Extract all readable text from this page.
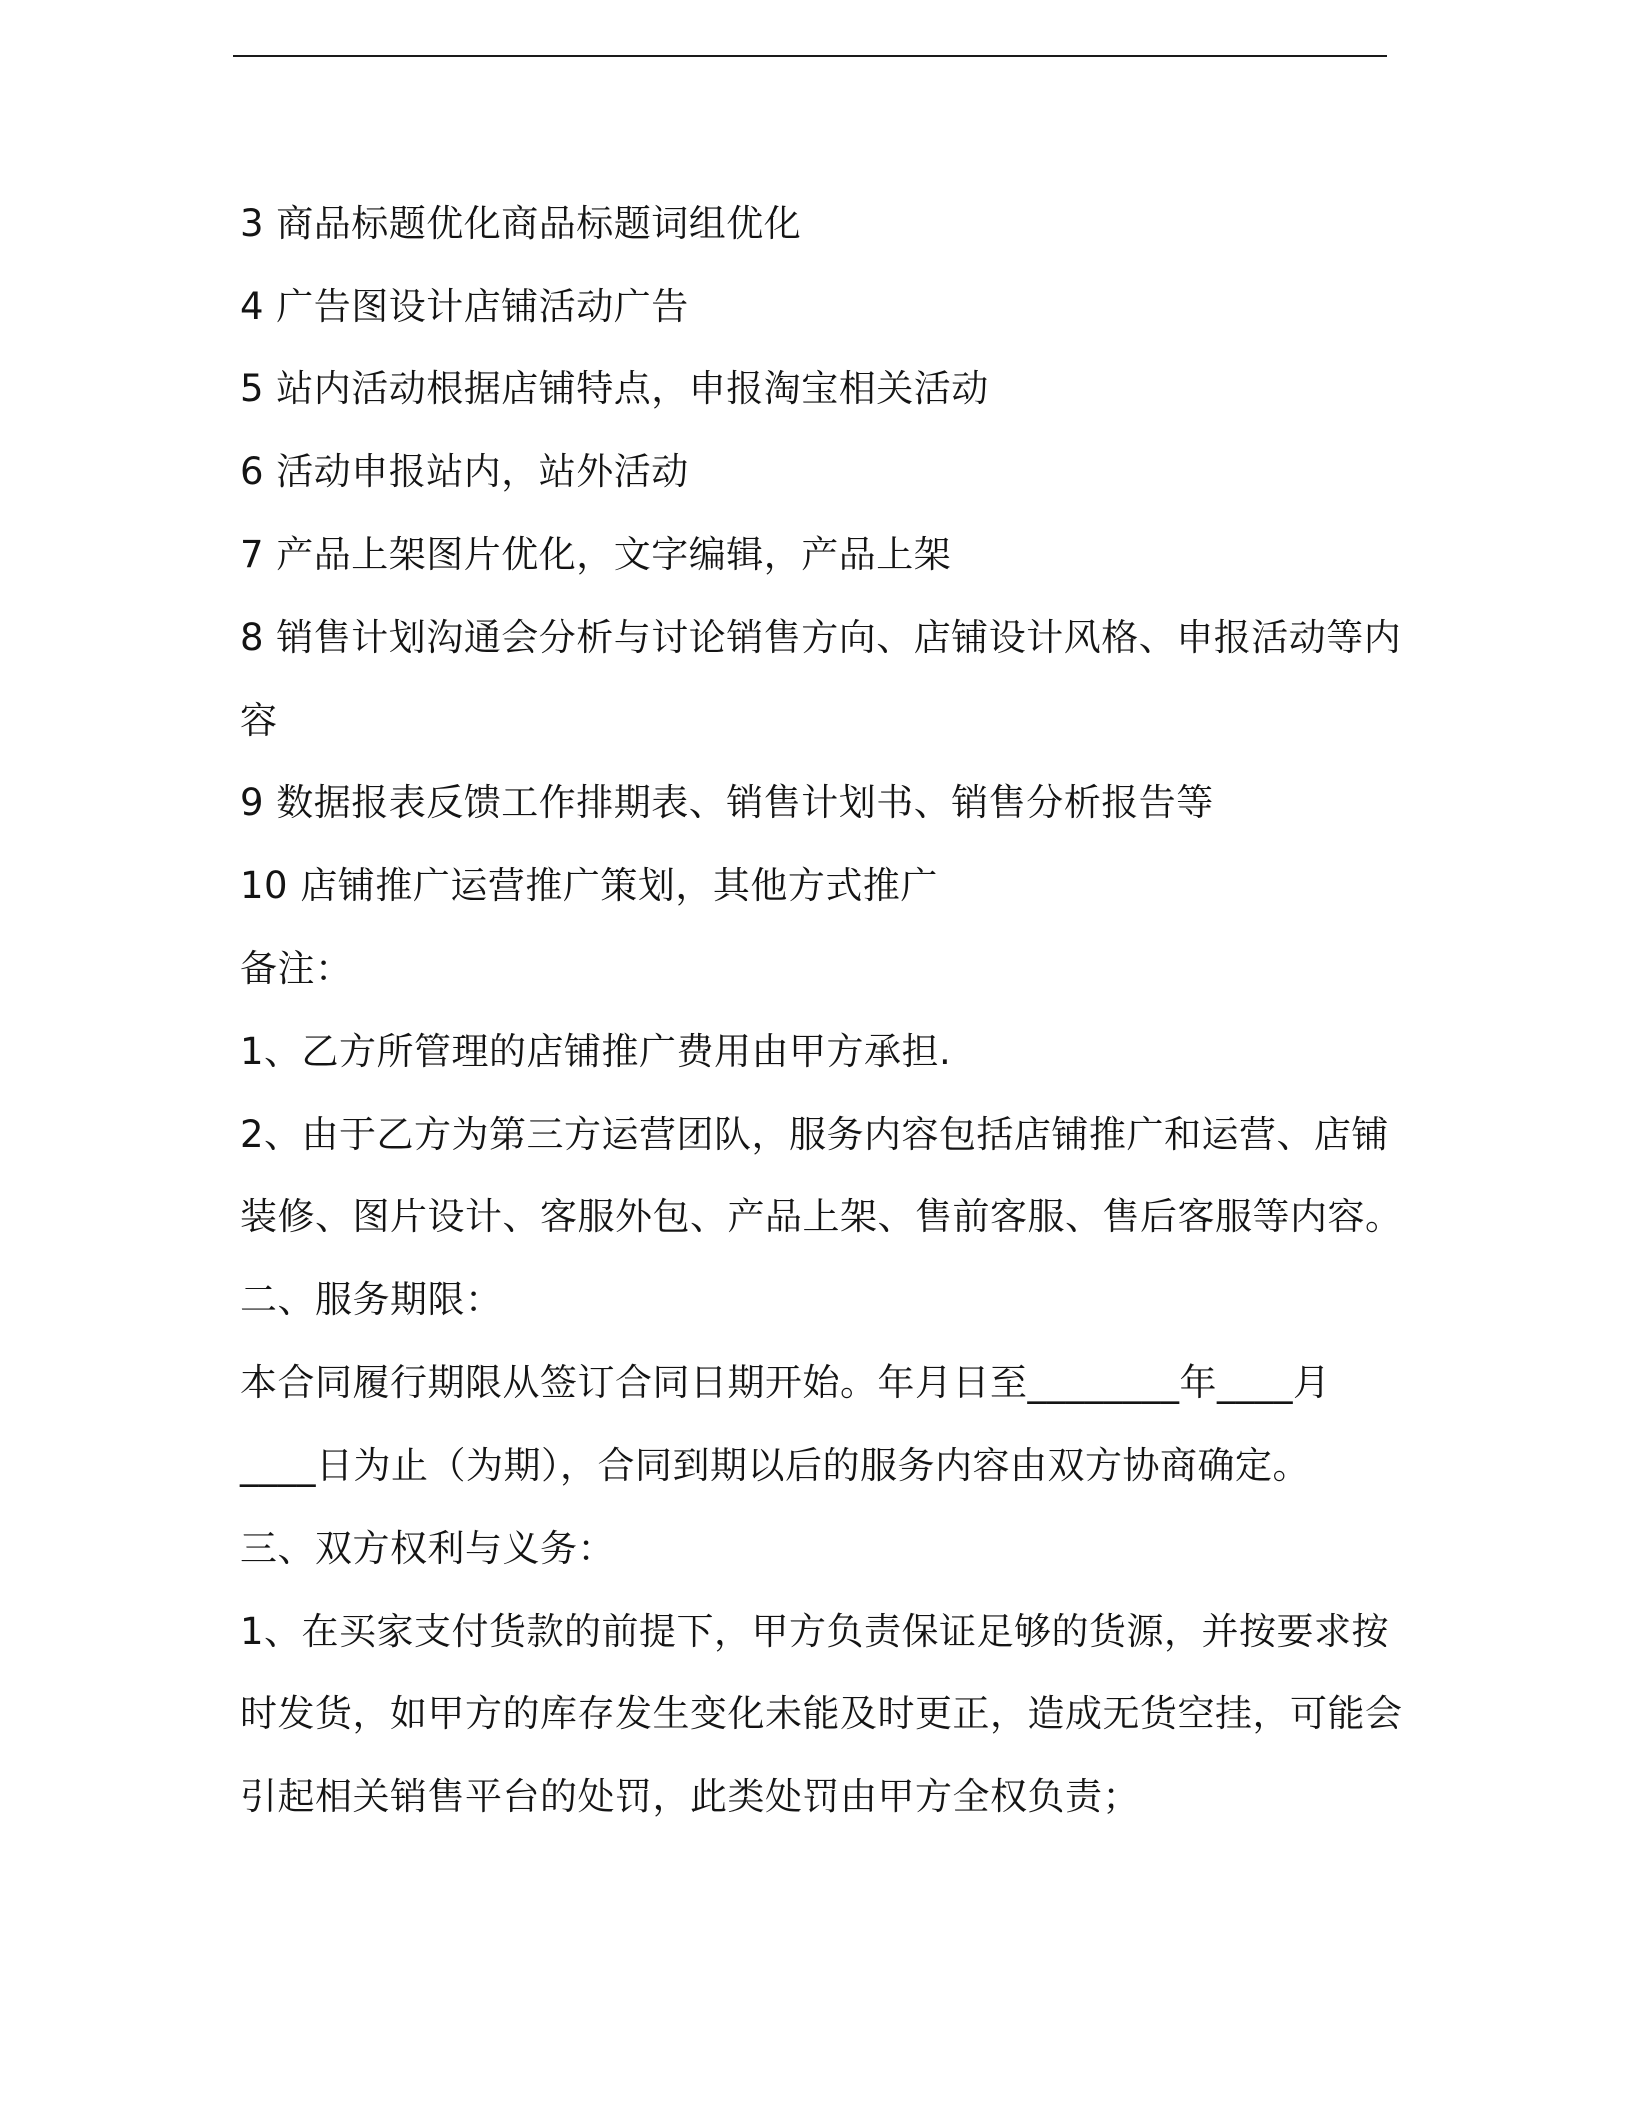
3 商品标题优化商品标题词组优化
4 广告图设计店铺活动广告
5 站内活动根据店铺特点，申报淘宝相关活动
6 活动申报站内，站外活动
7 产品上架图片优化，文字编辑，产品上架
8 销售计划沟通会分析与讨论销售方向、店铺设计风格、申报活动等内
容
9 数据报表反馈工作排期表、销售计划书、销售分析报告等
10 店铺推广运营推广策划，其他方式推广
备注：
1、乙方所管理的店铺推广费用由甲方承担.
2、由于乙方为第三方运营团队，服务内容包括店铺推广和运营、店铺
装修、图片设计、客服外包、产品上架、售前客服、售后客服等内容。
二、服务期限：
本合同履行期限从签订合同日期开始。年月日至________年____月
____日为止（为期），合同到期以后的服务内容由双方协商确定。
三、双方权利与义务：
1、在买家支付货款的前提下，甲方负责保证足够的货源，并按要求按
时发货，如甲方的库存发生变化未能及时更正，造成无货空挂，可能会
引起相关销售平台的处罚，此类处罚由甲方全权负责；
